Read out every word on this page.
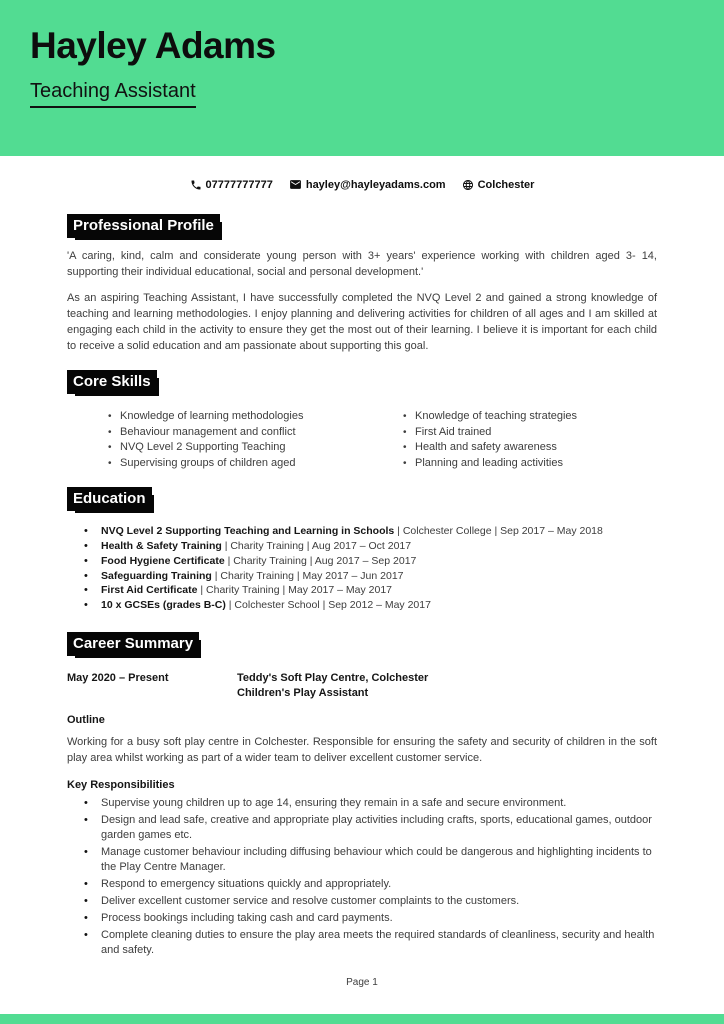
Hayley Adams
Teaching Assistant
07777777777	hayley@hayleyadams.com	Colchester
Professional Profile

'A caring, kind, calm and considerate young person with 3+ years' experience working with children aged 3- 14, supporting their individual educational, social and personal development.'

As an aspiring Teaching Assistant, I have successfully completed the NVQ Level 2 and gained a strong knowledge of teaching and learning methodologies. I enjoy planning and delivering activities for children of all ages and I am skilled at engaging each child in the activity to ensure they get the most out of their learning. I believe it is important for each child to receive a solid education and am passionate about supporting this goal.

Core Skills
• Knowledge of learning methodologies
• Behaviour management and conflict
• NVQ Level 2 Supporting Teaching
• Supervising groups of children aged
• Knowledge of teaching strategies
• First Aid trained
• Health and safety awareness
• Planning and leading activities
Education
• NVQ Level 2 Supporting Teaching and Learning in Schools | Colchester College | Sep 2017 – May 2018
• Health & Safety Training | Charity Training | Aug 2017 – Oct 2017
• Food Hygiene Certificate | Charity Training | Aug 2017 – Sep 2017
• Safeguarding Training | Charity Training | May 2017 – Jun 2017
• First Aid Certificate | Charity Training | May 2017 – May 2017
• 10 x GCSEs (grades B-C) | Colchester School | Sep 2012 – May 2017
Career Summary
May 2020 – Present	Teddy's Soft Play Centre, Colchester
Children's Play Assistant
Outline

Working for a busy soft play centre in Colchester. Responsible for ensuring the safety and security of children in the soft play area whilst working as part of a wider team to deliver excellent customer service.

Key Responsibilities
• Supervise young children up to age 14, ensuring they remain in a safe and secure environment.
• Design and lead safe, creative and appropriate play activities including crafts, sports, educational games, outdoor garden games etc.
• Manage customer behaviour including diffusing behaviour which could be dangerous and highlighting incidents to the Play Centre Manager.
• Respond to emergency situations quickly and appropriately.
• Deliver excellent customer service and resolve customer complaints to the customers.
• Process bookings including taking cash and card payments.
• Complete cleaning duties to ensure the play area meets the required standards of cleanliness, security and health and safety.
Page 1
